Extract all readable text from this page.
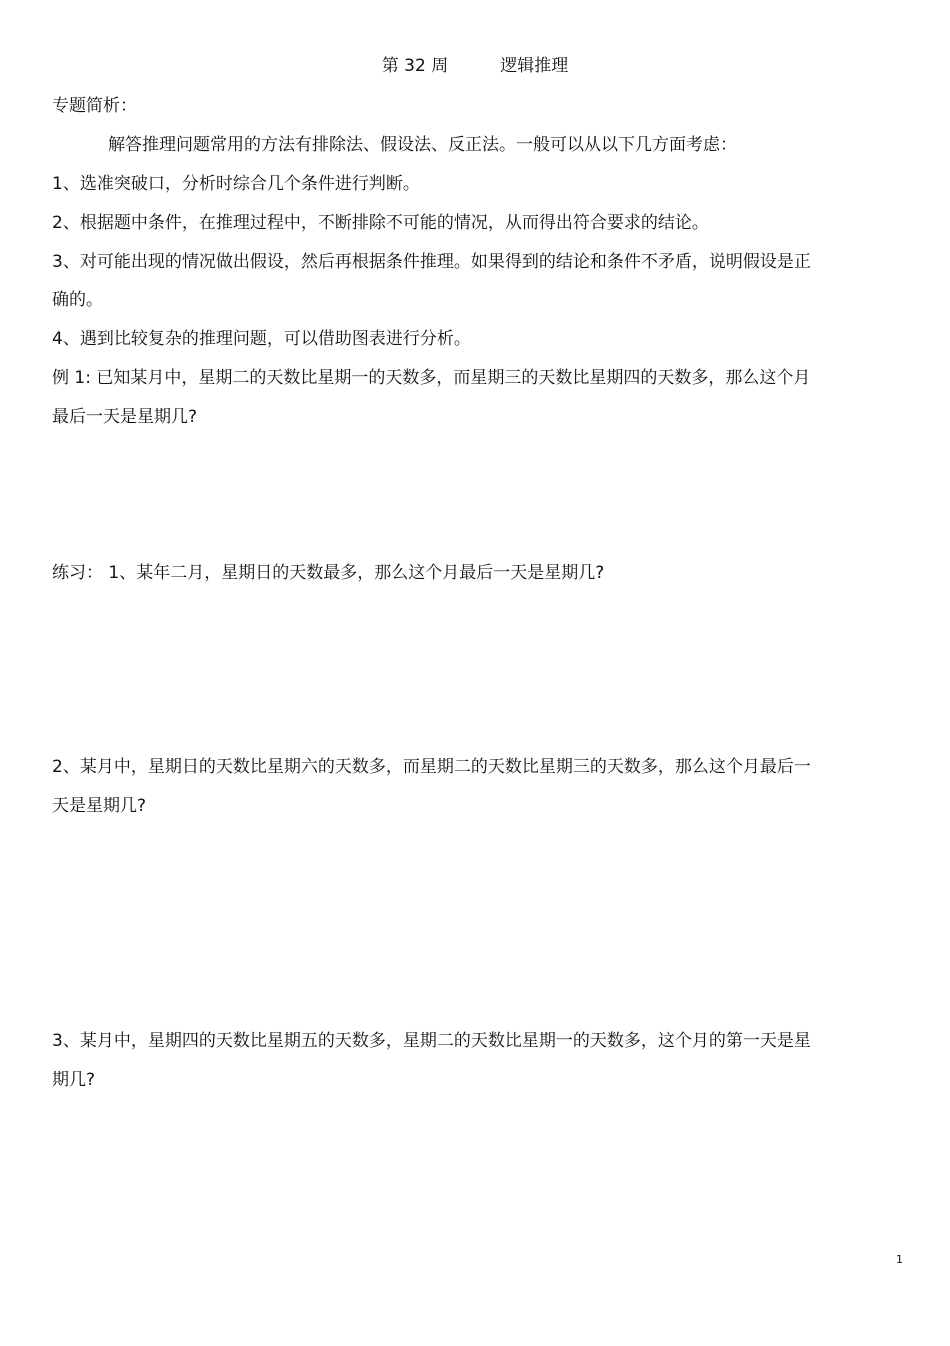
第 32 周	逻辑推理
专题简析：
解答推理问题常用的方法有排除法、假设法、反正法。一般可以从以下几方面考虑：
1、选准突破口，分析时综合几个条件进行判断。
2、根据题中条件，在推理过程中，不断排除不可能的情况，从而得出符合要求的结论。
3、对可能出现的情况做出假设，然后再根据条件推理。如果得到的结论和条件不矛盾，说明假设是正
确的。
4、遇到比较复杂的推理问题，可以借助图表进行分析。
例 1: 已知某月中，星期二的天数比星期一的天数多，而星期三的天数比星期四的天数多，那么这个月
最后一天是星期几?
练习： 1、某年二月，星期日的天数最多，那么这个月最后一天是星期几?
2、某月中，星期日的天数比星期六的天数多，而星期二的天数比星期三的天数多，那么这个月最后一
天是星期几?
3、某月中，星期四的天数比星期五的天数多，星期二的天数比星期一的天数多，这个月的第一天是星
期几?
1
